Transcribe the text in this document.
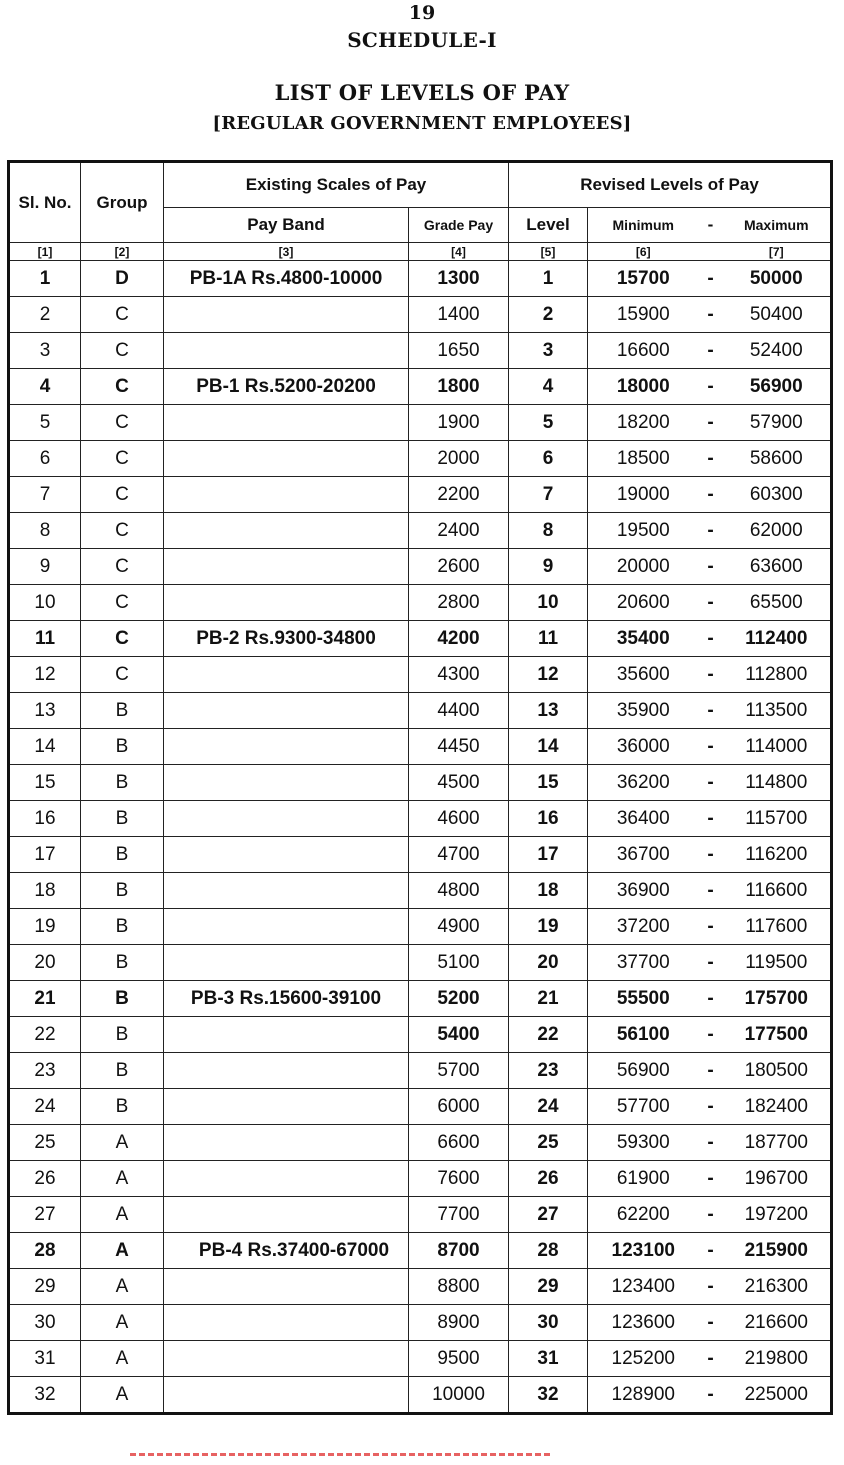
19
SCHEDULE-I
LIST OF LEVELS OF PAY
[REGULAR GOVERNMENT EMPLOYEES]
Sl. No.	Group	Existing Scales of Pay		Revised Levels of Pay			
		Pay Band	Grade Pay	Level	Minimum	-	Maximum
[1]	[2]	[3]	[4]	[5]	[6]		[7]
1	D	PB-1A Rs.4800-10000	1300	1	15700	-	50000
2	C		1400	2	15900	-	50400
3	C		1650	3	16600	-	52400
4	C	PB-1 Rs.5200-20200	1800	4	18000	-	56900
5	C		1900	5	18200	-	57900
6	C		2000	6	18500	-	58600
7	C		2200	7	19000	-	60300
8	C		2400	8	19500	-	62000
9	C		2600	9	20000	-	63600
10	C		2800	10	20600	-	65500
11	C	PB-2 Rs.9300-34800	4200	11	35400	-	112400
12	C		4300	12	35600	-	112800
13	B		4400	13	35900	-	113500
14	B		4450	14	36000	-	114000
15	B		4500	15	36200	-	114800
16	B		4600	16	36400	-	115700
17	B		4700	17	36700	-	116200
18	B		4800	18	36900	-	116600
19	B		4900	19	37200	-	117600
20	B		5100	20	37700	-	119500
21	B	PB-3 Rs.15600-39100	5200	21	55500	-	175700
22	B		5400	22	56100	-	177500
23	B		5700	23	56900	-	180500
24	B		6000	24	57700	-	182400
25	A		6600	25	59300	-	187700
26	A		7600	26	61900	-	196700
27	A		7700	27	62200	-	197200
28	A	PB-4 Rs.37400-67000	8700	28	123100	-	215900
29	A		8800	29	123400	-	216300
30	A		8900	30	123600	-	216600
31	A		9500	31	125200	-	219800
32	A		10000	32	128900	-	225000
